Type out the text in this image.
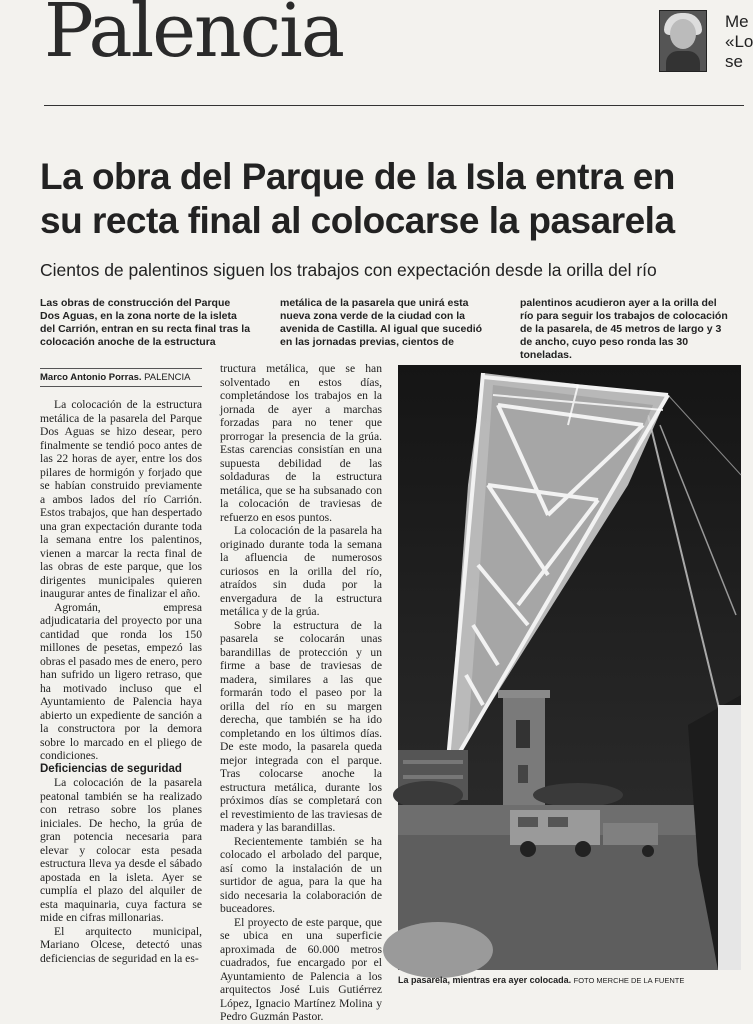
Palencia	Me
«Lo
se
La obra del Parque de la Isla entra en
su recta final al colocarse la pasarela
Cientos de palentinos siguen los trabajos con expectación desde la orilla del río
Las obras de construcción del Parque Dos Aguas, en la zona norte de la isleta del Carrión, entran en su recta final tras la colocación anoche de la estructura
metálica de la pasarela que unirá esta nueva zona verde de la ciudad con la avenida de Castilla. Al igual que sucedió en las jornadas previas, cientos de
palentinos acudieron ayer a la orilla del río para seguir los trabajos de colocación de la pasarela, de 45 metros de largo y 3 de ancho, cuyo peso ronda las 30 toneladas.
Marco Antonio Porras. PALENCIA

La colocación de la estructura metálica de la pasarela del Parque Dos Aguas se hizo desear, pero finalmente se tendió poco antes de las 22 horas de ayer, entre los dos pilares de hormigón y forjado que se habían construido previamente a ambos lados del río Carrión. Estos trabajos, que han despertado una gran expectación durante toda la semana entre los palentinos, vienen a marcar la recta final de las obras de este parque, que los dirigentes municipales quieren inaugurar antes de finalizar el año.

Agromán, empresa adjudicataria del proyecto por una cantidad que ronda los 150 millones de pesetas, empezó las obras el pasado mes de enero, pero han sufrido un ligero retraso, que ha motivado incluso que el Ayuntamiento de Palencia haya abierto un expediente de sanción a la constructora por la demora sobre lo marcado en el pliego de condiciones.

Deficiencias de seguridad

La colocación de la pasarela peatonal también se ha realizado con retraso sobre los planes iniciales. De hecho, la grúa de gran potencia necesaria para elevar y colocar esta pesada estructura lleva ya desde el sábado apostada en la isleta. Ayer se cumplía el plazo del alquiler de esta maquinaria, cuya factura se mide en cifras millonarias.

El arquitecto municipal, Mariano Olcese, detectó unas deficiencias de seguridad en la es-

tructura metálica, que se han solventado en estos días, completándose los trabajos en la jornada de ayer a marchas forzadas para no tener que prorrogar la presencia de la grúa. Estas carencias consistían en una supuesta debilidad de las soldaduras de la estructura metálica, que se ha subsanado con la colocación de traviesas de refuerzo en esos puntos.

La colocación de la pasarela ha originado durante toda la semana la afluencia de numerosos curiosos en la orilla del río, atraídos sin duda por la envergadura de la estructura metálica y de la grúa.

Sobre la estructura de la pasarela se colocarán unas barandillas de protección y un firme a base de traviesas de madera, similares a las que formarán todo el paseo por la orilla del río en su margen derecha, que también se ha ido completando en los últimos días. De este modo, la pasarela queda mejor integrada con el parque. Tras colocarse anoche la estructura metálica, durante los próximos días se completará con el revestimiento de las traviesas de madera y las barandillas.

Recientemente también se ha colocado el arbolado del parque, así como la instalación de un surtidor de agua, para la que ha sido necesaria la colaboración de buceadores.

El proyecto de este parque, que se ubica en una superficie aproximada de 60.000 metros cuadrados, fue encargado por el Ayuntamiento de Palencia a los arquitectos José Luis Gutiérrez López, Ignacio Martínez Molina y Pedro Guzmán Pastor.

La pasarela, mientras era ayer colocada. FOTO MERCHE DE LA FUENTE
